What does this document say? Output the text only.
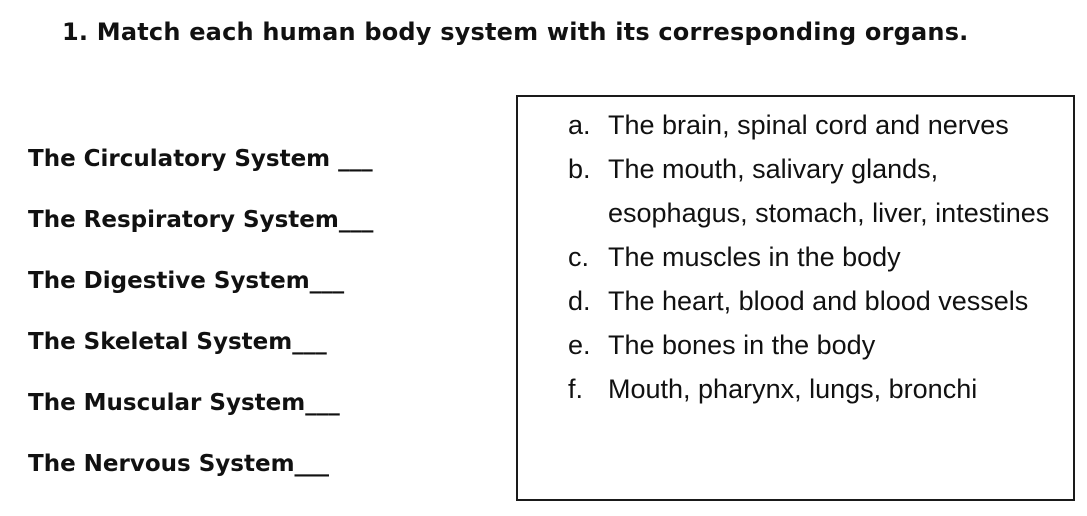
1. Match each human body system with its corresponding organs.
The Circulatory System ___
The Respiratory System___
The Digestive System___
The Skeletal System___
The Muscular System___
The Nervous System___
a. The brain, spinal cord and nerves
b. The mouth, salivary glands, esophagus, stomach, liver, intestines
c. The muscles in the body
d. The heart, blood and blood vessels
e. The bones in the body
f. Mouth, pharynx, lungs, bronchi
